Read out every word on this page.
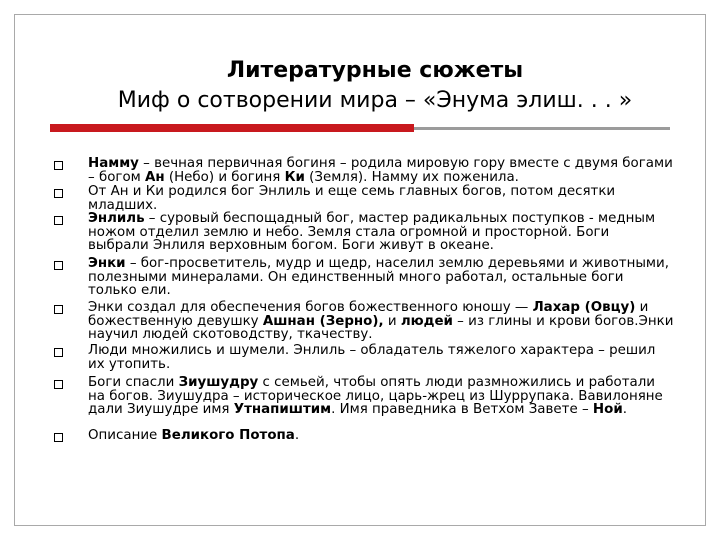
Литературные сюжеты
Миф о сотворении мира – «Энума элиш. . . »
Намму – вечная первичная богиня – родила мировую гору вместе с двумя богами – богом Ан (Небо) и богиня Ки (Земля). Намму их поженила.
От Ан и Ки родился бог Энлиль и еще семь главных богов, потом десятки младших.
Энлиль – суровый беспощадный бог, мастер радикальных поступков - медным ножом отделил землю и небо. Земля стала огромной и просторной. Боги выбрали Энлиля верховным богом. Боги живут в океане.
Энки – бог-просветитель, мудр и щедр, населил землю деревьями и животными, полезными минералами. Он единственный много работал, остальные боги только ели.
Энки создал для обеспечения богов божественного юношу — Лахар (Овцу) и божественную девушку Ашнан (Зерно), и людей – из глины и крови богов.Энки научил людей скотоводству, ткачеству.
Люди множились и шумели. Энлиль – обладатель тяжелого характера – решил их утопить.
Боги спасли Зиушудру с семьей, чтобы опять люди размножились и работали на богов. Зиушудра – историческое лицо, царь-жрец из Шуррупака. Вавилоняне дали Зиушудре имя Утнапиштим. Имя праведника в Ветхом Завете – Ной.
Описание Великого Потопа.
